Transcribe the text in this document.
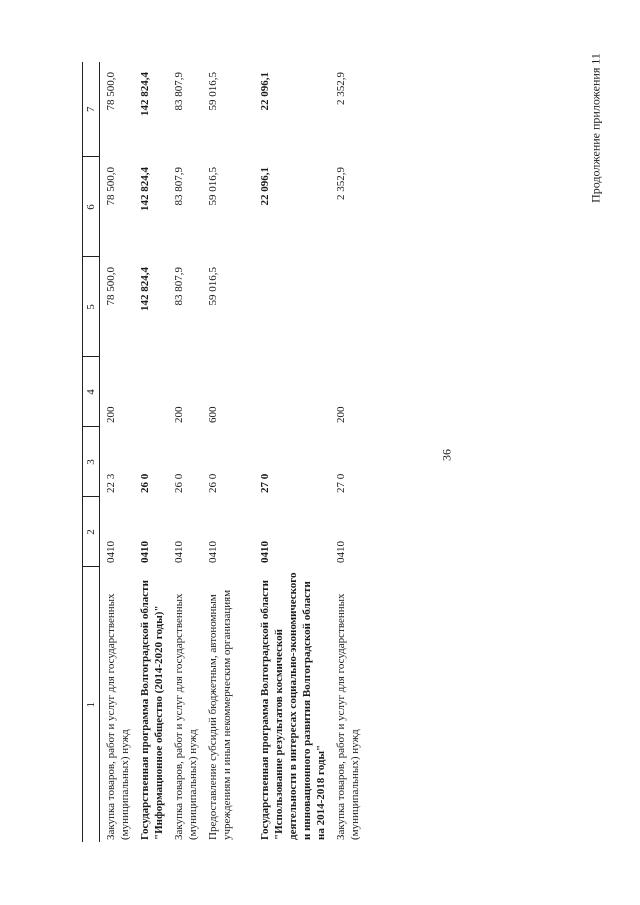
36
Продолжение приложения 11
1	2	3	4	5	6	7
Закупка товаров, работ и услуг для государственных (муниципальных) нужд	0410	22 3	200	78 500,0	78 500,0	78 500,0
Государственная программа Волгоградской области "Информационное общество (2014-2020 годы)"	0410	26 0		142 824,4	142 824,4	142 824,4
Закупка товаров, работ и услуг для государственных (муниципальных) нужд	0410	26 0	200	83 807,9	83 807,9	83 807,9
Предоставление субсидий бюджетным, автономным учреждениям и иным некоммерческим организациям	0410	26 0	600	59 016,5	59 016,5	59 016,5

Государственная программа Волгоградской области "Использование результатов космической деятельности в интересах социально-экономического и инновационного развития Волгоградской области на 2014-2018 годы"	0410	27 0			22 096,1	22 096,1
Закупка товаров, работ и услуг для государственных (муниципальных) нужд	0410	27 0	200		2 352,9	2 352,9
